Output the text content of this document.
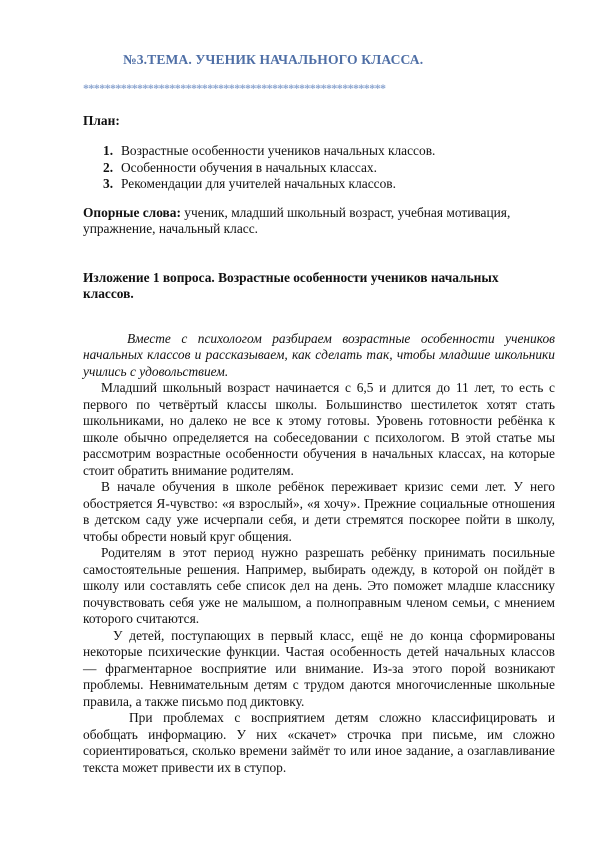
№3.ТЕМА. УЧЕНИК НАЧАЛЬНОГО КЛАССА.
********************************************************
План:
1. Возрастные особенности учеников начальных классов.
2. Особенности обучения в начальных классах.
3. Рекомендации для учителей начальных классов.

Опорные слова: ученик, младший школьный возраст, учебная мотивация, упражнение, начальный класс.

Изложение 1 вопроса. Возрастные особенности учеников начальных классов.

Вместе с психологом разбираем возрастные особенности учеников начальных классов и рассказываем, как сделать так, чтобы младшие школьники учились с удовольствием.

Младший школьный возраст начинается с 6,5 и длится до 11 лет, то есть с первого по четвёртый классы школы. Большинство шестилеток хотят стать школьниками, но далеко не все к этому готовы. Уровень готовности ребёнка к школе обычно определяется на собеседовании с психологом. В этой статье мы рассмотрим возрастные особенности обучения в начальных классах, на которые стоит обратить внимание родителям.

В начале обучения в школе ребёнок переживает кризис семи лет. У него обостряется Я-чувство: «я взрослый», «я хочу». Прежние социальные отношения в детском саду уже исчерпали себя, и дети стремятся поскорее пойти в школу, чтобы обрести новый круг общения.

Родителям в этот период нужно разрешать ребёнку принимать посильные самостоятельные решения. Например, выбирать одежду, в которой он пойдёт в школу или составлять себе список дел на день. Это поможет младше класснику почувствовать себя уже не малышом, а полноправным членом семьи, с мнением которого считаются.

У детей, поступающих в первый класс, ещё не до конца сформированы некоторые психические функции. Частая особенность детей начальных классов — фрагментарное восприятие или внимание. Из-за этого порой возникают проблемы. Невнимательным детям с трудом даются многочисленные школьные правила, а также письмо под диктовку.

При проблемах с восприятием детям сложно классифицировать и обобщать информацию. У них «скачет» строчка при письме, им сложно сориентироваться, сколько времени займёт то или иное задание, а озаглавливание текста может привести их в ступор.
